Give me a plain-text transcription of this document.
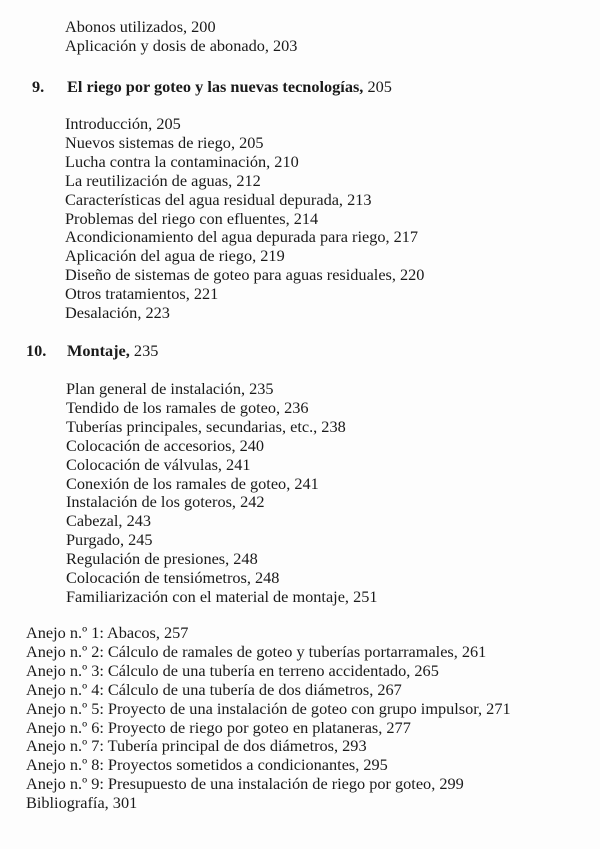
Abonos utilizados, 200
Aplicación y dosis de abonado, 203
9. El riego por goteo y las nuevas tecnologías, 205
Introducción, 205
Nuevos sistemas de riego, 205
Lucha contra la contaminación, 210
La reutilización de aguas, 212
Características del agua residual depurada, 213
Problemas del riego con efluentes, 214
Acondicionamiento del agua depurada para riego, 217
Aplicación del agua de riego, 219
Diseño de sistemas de goteo para aguas residuales, 220
Otros tratamientos, 221
Desalación, 223
10. Montaje, 235
Plan general de instalación, 235
Tendido de los ramales de goteo, 236
Tuberías principales, secundarias, etc., 238
Colocación de accesorios, 240
Colocación de válvulas, 241
Conexión de los ramales de goteo, 241
Instalación de los goteros, 242
Cabezal, 243
Purgado, 245
Regulación de presiones, 248
Colocación de tensiómetros, 248
Familiarización con el material de montaje, 251
Anejo n.º 1: Abacos, 257
Anejo n.º 2: Cálculo de ramales de goteo y tuberías portarramales, 261
Anejo n.º 3: Cálculo de una tubería en terreno accidentado, 265
Anejo n.º 4: Cálculo de una tubería de dos diámetros, 267
Anejo n.º 5: Proyecto de una instalación de goteo con grupo impulsor, 271
Anejo n.º 6: Proyecto de riego por goteo en plataneras, 277
Anejo n.º 7: Tubería principal de dos diámetros, 293
Anejo n.º 8: Proyectos sometidos a condicionantes, 295
Anejo n.º 9: Presupuesto de una instalación de riego por goteo, 299
Bibliografía, 301
